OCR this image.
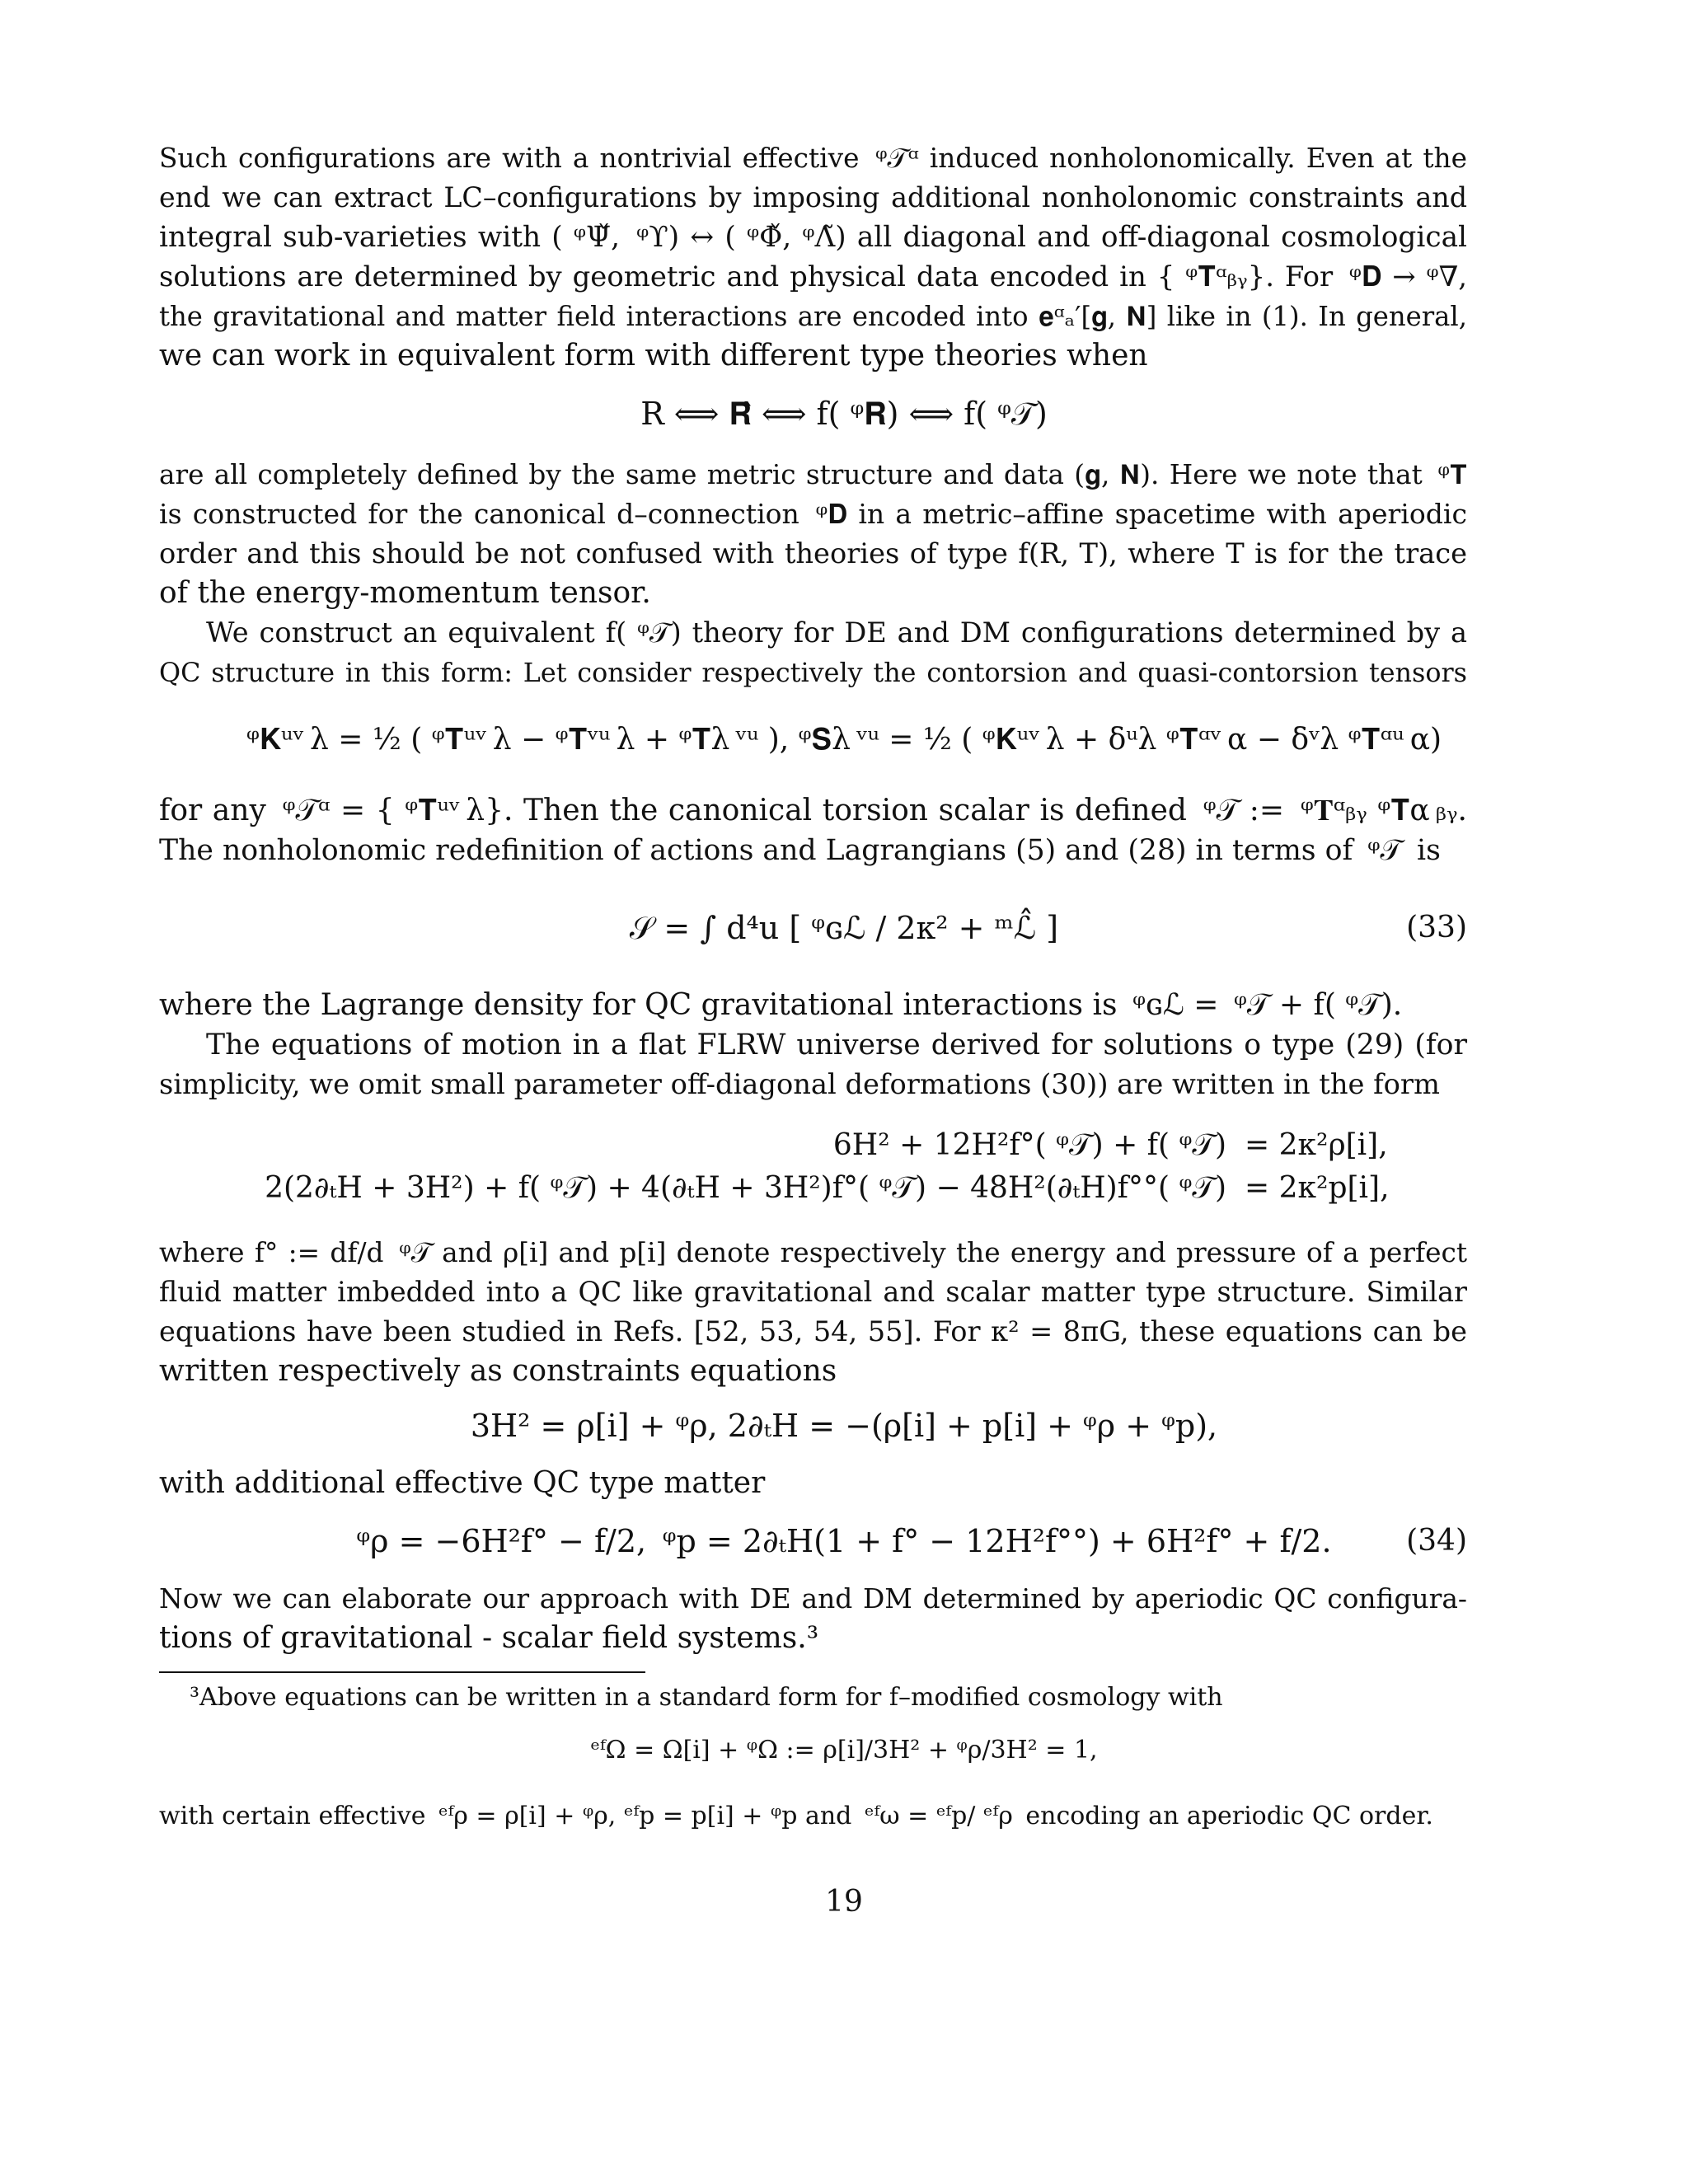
Such configurations are with a nontrivial effective  ᵠ𝒯ᵅ induced nonholonomically. Even at the
end we can extract LC–configurations by imposing additional nonholonomic constraints and
integral sub-varieties with ( ᵠΨ̌,  ᵠϒ) ↔ ( ᵠΦ̌, ᵠΛ̃) all diagonal and off-diagonal cosmological
solutions are determined by geometric and physical data encoded in { ᵠ𝐓ᵅᵦᵧ}. For  ᵠ𝐃 → ᵠ∇,
the gravitational and matter field interactions are encoded into 𝐞ᵅₐ′[𝐠, 𝐍] like in (1). In general,
we can work in equivalent form with different type theories when
R ⟺ 𝐑̂ ⟺ f( ᵠ𝐑) ⟺ f( ᵠ𝒯)
are all completely defined by the same metric structure and data (𝐠, 𝐍). Here we note that  ᵠ𝐓
is constructed for the canonical d–connection  ᵠ𝐃 in a metric–affine spacetime with aperiodic
order and this should be not confused with theories of type f(R, T), where T is for the trace
of the energy-momentum tensor.
We construct an equivalent f( ᵠ𝒯) theory for DE and DM configurations determined by a
QC structure in this form: Let consider respectively the contorsion and quasi-contorsion tensors
ᵠ𝐊ᵘᵛ λ = ½ ( ᵠ𝐓ᵘᵛ λ − ᵠ𝐓ᵛᵘ λ + ᵠ𝐓λ ᵛᵘ ), ᵠ𝐒λ ᵛᵘ = ½ ( ᵠ𝐊ᵘᵛ λ + δᵘλ ᵠ𝐓ᵅᵛ α − δᵛλ ᵠ𝐓ᵅᵘ α)
for any  ᵠ𝒯ᵅ = { ᵠ𝐓ᵘᵛ λ}. Then the canonical torsion scalar is defined  ᵠ𝒯 :=  ᵠ𝐓ᵅᵦᵧ ᵠ𝐓α ᵦᵧ.
The nonholonomic redefinition of actions and Lagrangians (5) and (28) in terms of  ᵠ𝒯  is
𝒮 = ∫ d⁴u [ ᵠɢℒ / 2κ² + ᵐℒ̂ ]	(33)
where the Lagrange density for QC gravitational interactions is  ᵠɢℒ =  ᵠ𝒯 + f( ᵠ𝒯).
The equations of motion in a flat FLRW universe derived for solutions o type (29) (for
simplicity, we omit small parameter off-diagonal deformations (30)) are written in the form
6H² + 12H²f°( ᵠ𝒯) + f( ᵠ𝒯) = 2κ²ρ[i],
2(2∂ₜH + 3H²) + f( ᵠ𝒯) + 4(∂ₜH + 3H²)f°( ᵠ𝒯) − 48H²(∂ₜH)f°°( ᵠ𝒯) = 2κ²p[i],
where f° := df/d  ᵠ𝒯 and ρ[i] and p[i] denote respectively the energy and pressure of a perfect
fluid matter imbedded into a QC like gravitational and scalar matter type structure. Similar
equations have been studied in Refs. [52, 53, 54, 55]. For κ² = 8πG, these equations can be
written respectively as constraints equations
3H² = ρ[i] + ᵠρ, 2∂ₜH = −(ρ[i] + p[i] + ᵠρ + ᵠp),
with additional effective QC type matter
ᵠρ = −6H²f° − f/2,  ᵠp = 2∂ₜH(1 + f° − 12H²f°°) + 6H²f° + f/2.	(34)
Now we can elaborate our approach with DE and DM determined by aperiodic QC configura-
tions of gravitational - scalar field systems.³
³Above equations can be written in a standard form for f–modified cosmology with
ᵉᶠΩ = Ω[i] + ᵠΩ := ρ[i]/3H² + ᵠρ/3H² = 1,
with certain effective  ᵉᶠρ = ρ[i] + ᵠρ, ᵉᶠp = p[i] + ᵠp and  ᵉᶠω = ᵉᶠp/ ᵉᶠρ  encoding an aperiodic QC order.
19
